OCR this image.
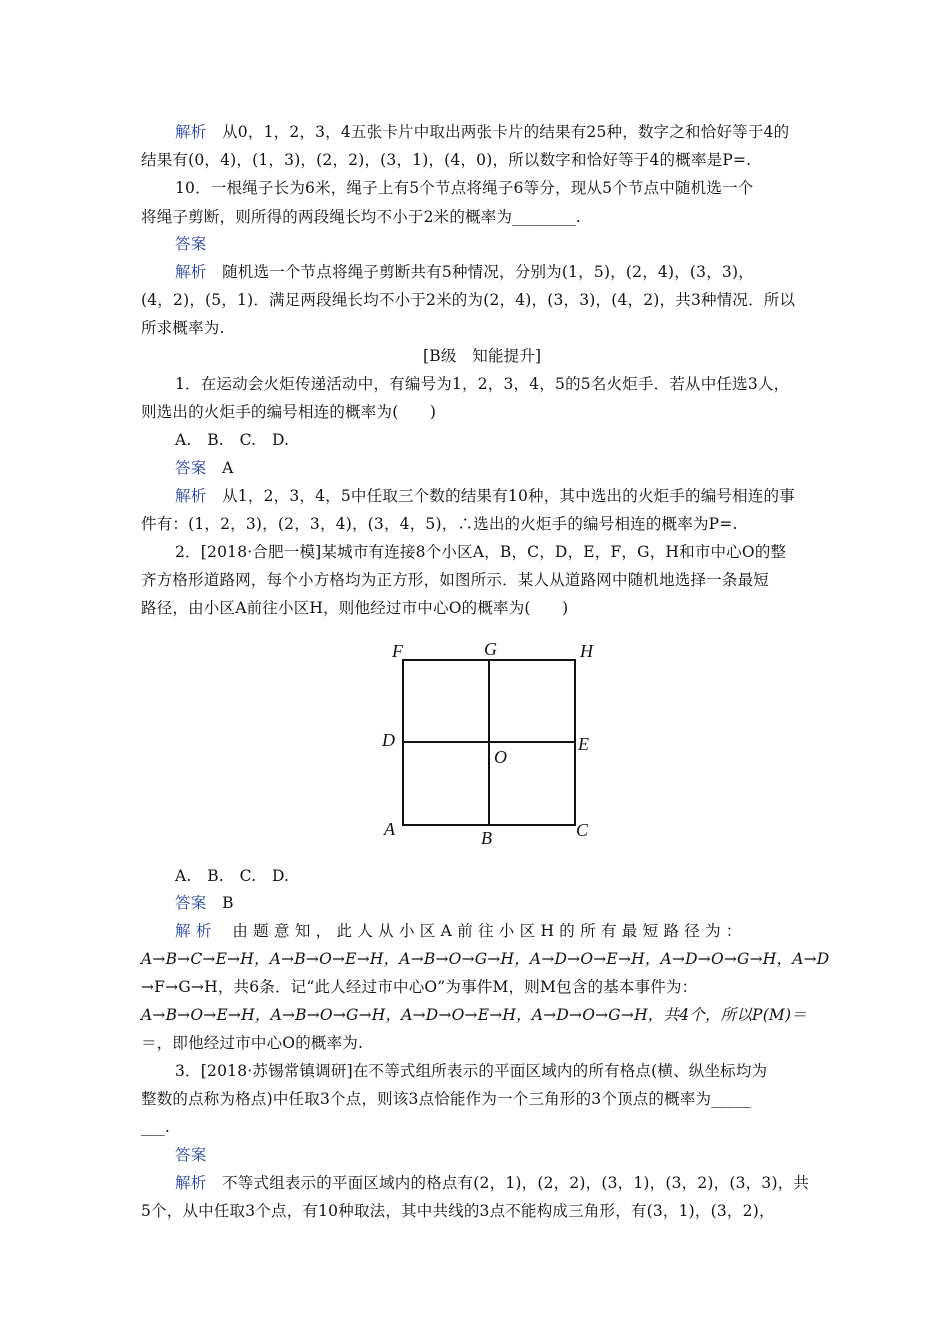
解析　从0，1，2，3，4五张卡片中取出两张卡片的结果有25种，数字之和恰好等于4的
结果有(0，4)，(1，3)，(2，2)，(3，1)，(4，0)，所以数字和恰好等于4的概率是P=.
10．一根绳子长为6米，绳子上有5个节点将绳子6等分，现从5个节点中随机选一个
将绳子剪断，则所得的两段绳长均不小于2米的概率为________.
答案
解析　随机选一个节点将绳子剪断共有5种情况，分别为(1，5)，(2，4)，(3，3)，
(4，2)，(5，1)．满足两段绳长均不小于2米的为(2，4)，(3，3)，(4，2)，共3种情况．所以
所求概率为.
[B级　知能提升]
1．在运动会火炬传递活动中，有编号为1，2，3，4，5的5名火炬手．若从中任选3人，
则选出的火炬手的编号相连的概率为(　　)
A.　B.　C.　D.
答案　A
解析　从1，2，3，4，5中任取三个数的结果有10种，其中选出的火炬手的编号相连的事
件有：(1，2，3)，(2，3，4)，(3，4，5)，∴选出的火炬手的编号相连的概率为P=.
2．[2018·合肥一模]某城市有连接8个小区A，B，C，D，E，F，G，H和市中心O的整
齐方格形道路网，每个小方格均为正方形，如图所示．某人从道路网中随机地选择一条最短
路径，由小区A前往小区H，则他经过市中心O的概率为(　　)
F	G	H
D
O
E
A	B	C
A.　B.　C.　D.
答案　B
解 析　 由 题 意 知 ， 此 人 从 小 区 A 前 往 小 区 H 的 所 有 最 短 路 径 为 ：
A→B→C→E→H，A→B→O→E→H，A→B→O→G→H，A→D→O→E→H，A→D→O→G→H，A→D
→F→G→H，共6条．记“此人经过市中心O”为事件M，则M包含的基本事件为：
A→B→O→E→H，A→B→O→G→H，A→D→O→E→H，A→D→O→G→H，共4个，所以P(M)＝
＝，即他经过市中心O的概率为.
3．[2018·苏锡常镇调研]在不等式组所表示的平面区域内的所有格点(横、纵坐标均为
整数的点称为格点)中任取3个点，则该3点恰能作为一个三角形的3个顶点的概率为_____
___.
答案
解析　不等式组表示的平面区域内的格点有(2，1)，(2，2)，(3，1)，(3，2)，(3，3)，共
5个，从中任取3个点，有10种取法，其中共线的3点不能构成三角形，有(3，1)，(3，2)，
